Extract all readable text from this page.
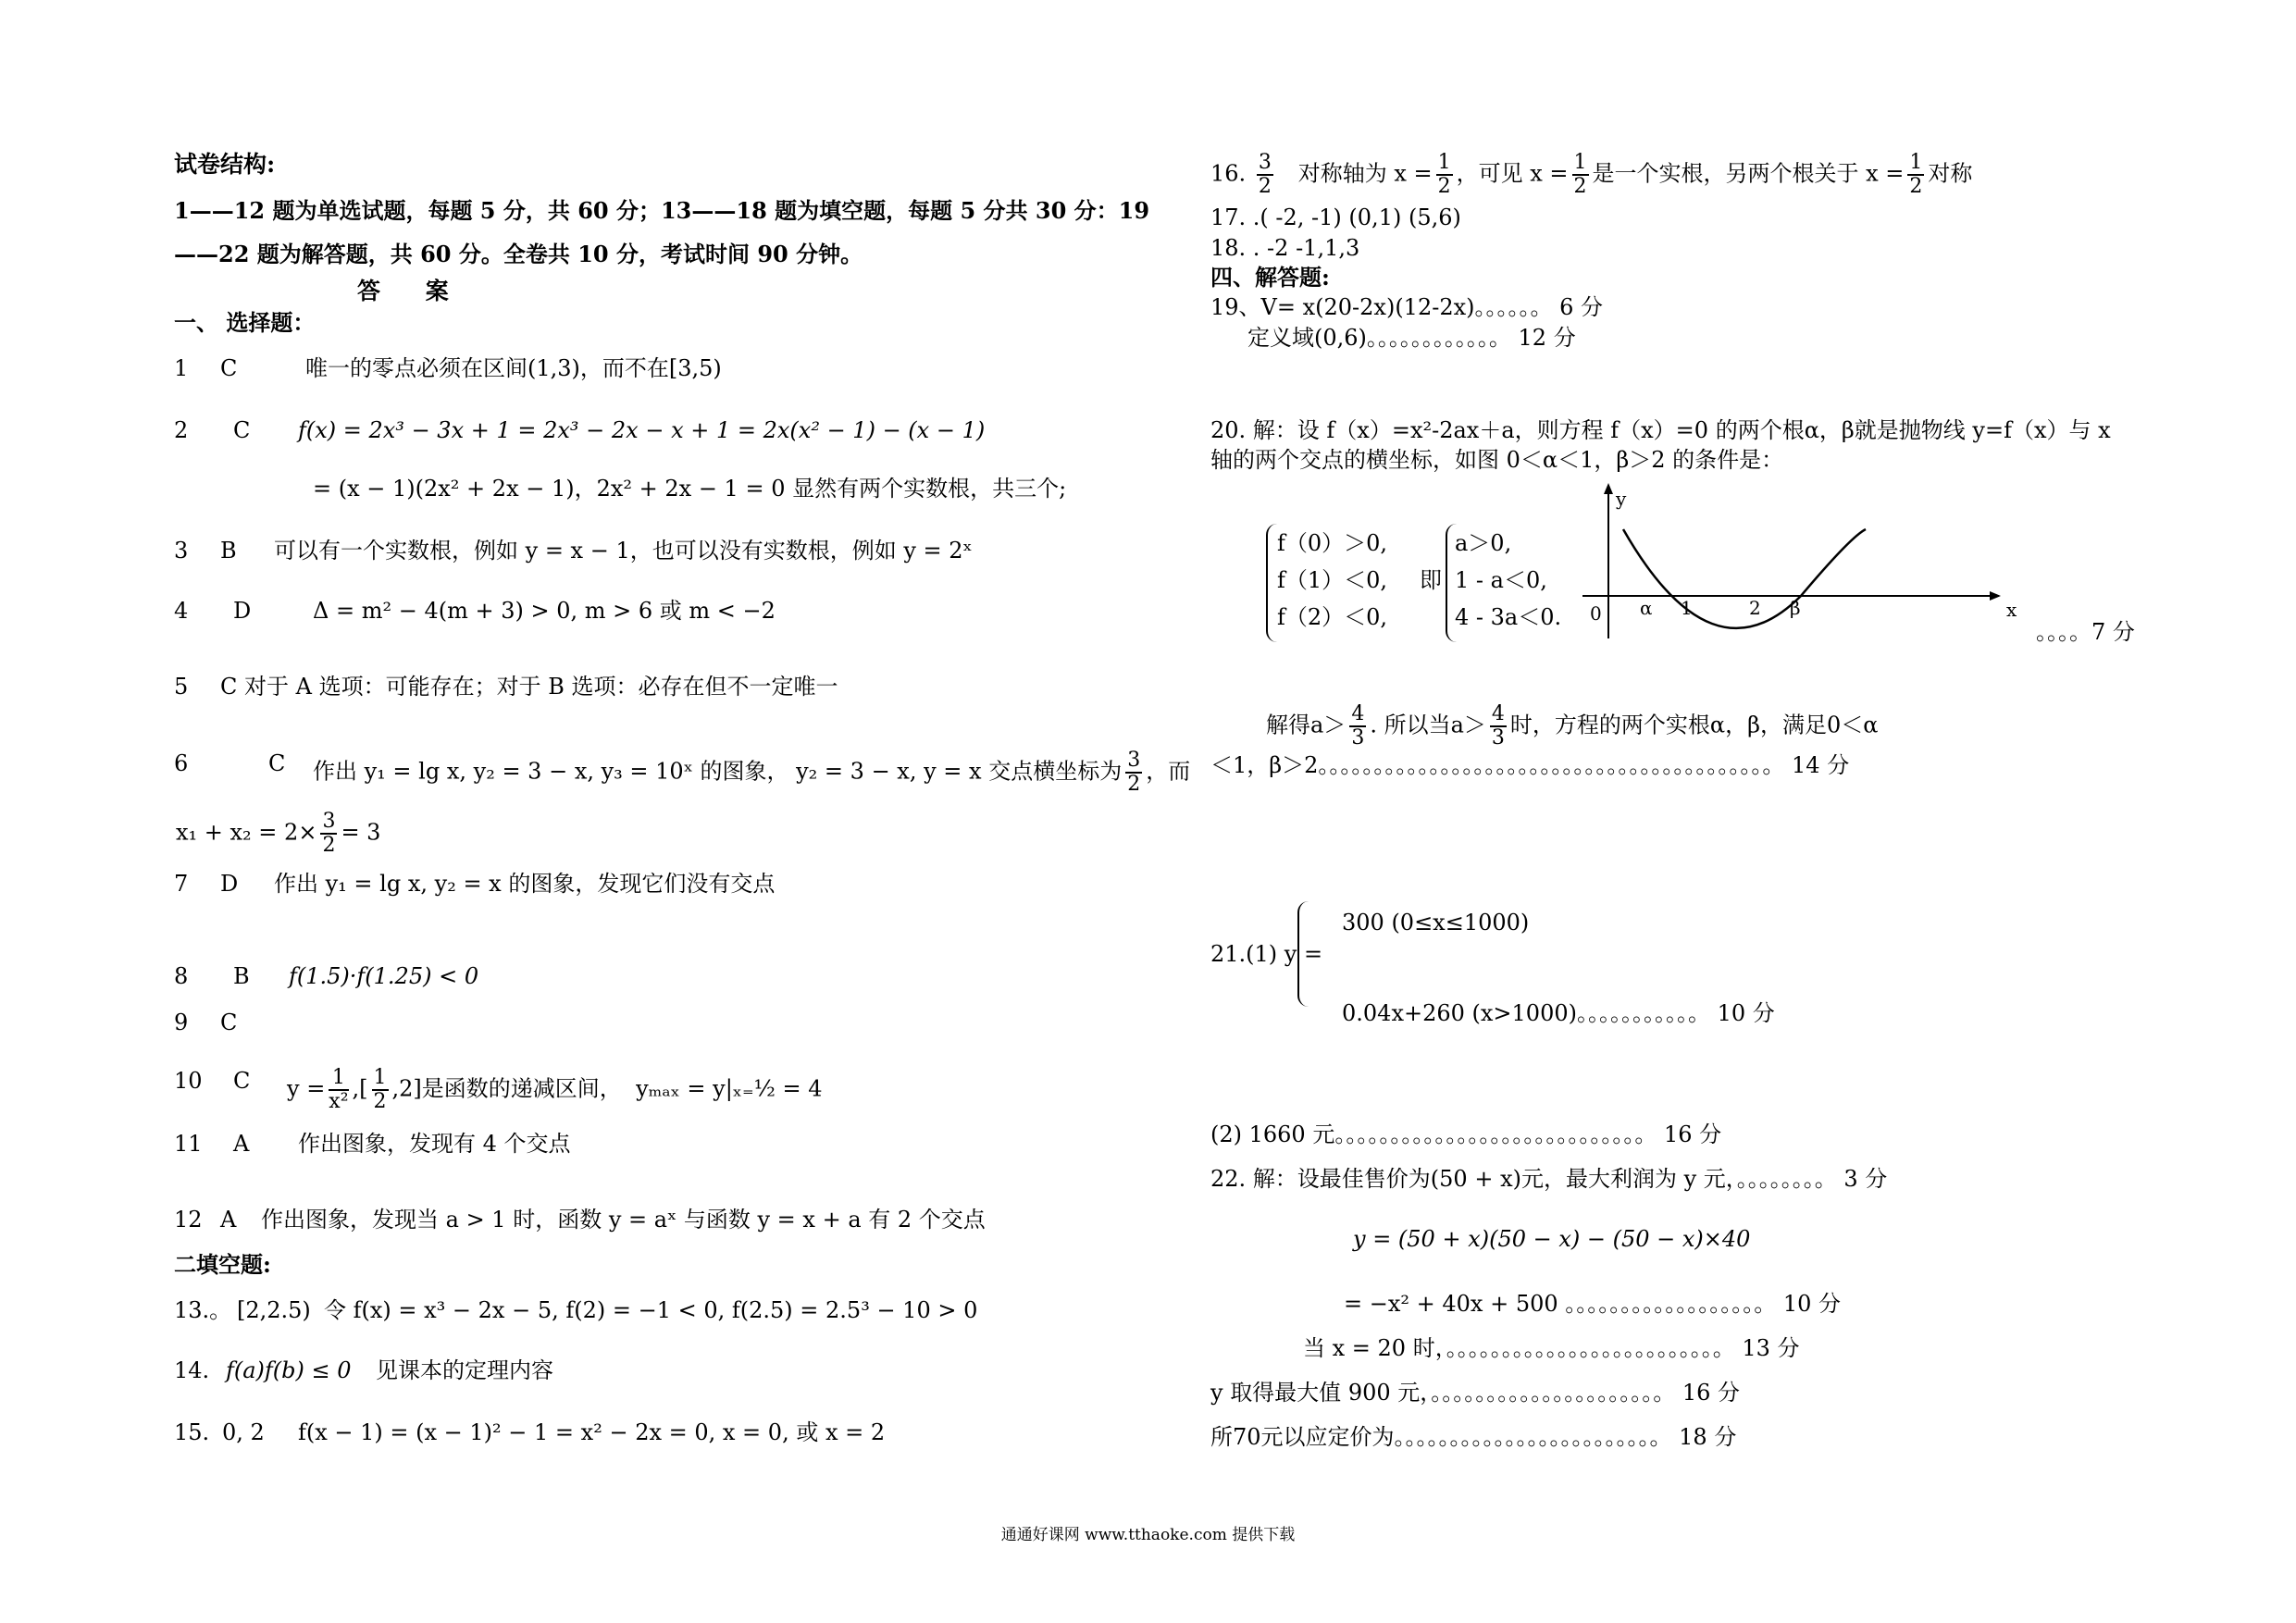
试卷结构:
1——12 题为单选试题，每题 5 分，共 60 分；13——18 题为填空题，每题 5 分共 30 分：19
——22 题为解答题，共 60 分。全卷共 10 分，考试时间 90 分钟。
答 案
一、 选择题：
1 C	唯一的零点必须在区间(1,3)，而不在[3,5)
2 C f(x) = 2x³ − 3x + 1 = 2x³ − 2x − x + 1 = 2x(x² − 1) − (x − 1)
= (x − 1)(2x² + 2x − 1)，2x² + 2x − 1 = 0 显然有两个实数根，共三个;
3 B 可以有一个实数根，例如 y = x − 1，也可以没有实数根，例如 y = 2ˣ
4 D	Δ = m² − 4(m + 3) > 0, m > 6 或 m < −2
5 C 对于 A 选项：可能存在；对于 B 选项：必存在但不一定唯一
6	C 作出 y₁ = lg x, y₂ = 3 − x, y₃ = 10ˣ 的图象， y₂ = 3 − x, y = x 交点横坐标为 $\frac{3}{2}$ ，而
$x_1 + x_2 = 2\times \frac{3}{2} = 3$
7 D 作出 y₁ = lg x, y₂ = x 的图象，发现它们没有交点
8 B f(1.5)·f(1.25) < 0
9 C
10 C $y = \frac{1}{\text{x²}}$ ,[ $\frac{1}{2} ,2$]是函数的递减区间， yₘₐₓ = y|ₓ₌½ = 4
11 A 作出图象，发现有 4 个交点
12 A 作出图象，发现当 a > 1 时，函数 y = aˣ 与函数 y = x + a 有 2 个交点
二填空题:
13.。 [2,2.5) 令 f(x) = x³ − 2x − 5, f(2) = −1 < 0, f(2.5) = 2.5³ − 10 > 0
14. f(a)f(b) ≤ 0 见课本的定理内容
15. 0, 2 f(x − 1) = (x − 1)² − 1 = x² − 2x = 0, x = 0, 或 x = 2
16. $\frac{3}{2}$ 对称轴为 $x = \frac{1}{2}$ ，可见 $x = \frac{1}{2}$ 是一个实根，另两个根关于 $x = \frac{1}{2}$ 对称
17. .( -2, -1) (0,1) (5,6)
18. . -2 -1,1,3
四、解答题:
19、V= x(20-2x)(12-2x)。。。。。。 6 分
定义域(0,6)。。。。。。。。。。。。 12 分
20. 解：设 f（x）=x²-2ax＋a，则方程 f（x）=0 的两个根α，β就是抛物线 y=f（x）与 x
轴的两个交点的横坐标，如图 0＜α＜1，β＞2 的条件是：
f（0）＞0,
f（1）＜0,
f（2）＜0,
即
a＞0,
1 - a＜0,
4 - 3a＜0.
y
x
0 α 1	2 β
。。。。7 分
解得$a> \frac{4}{3}$ . 所以当$a> \frac{4}{3}$ 时，方程的两个实根α，β，满足0＜α
＜1，β＞2。。。。。。。。。。。。。。。。。。。。。。。。。。。。。。。。。。。。。。。。。 14 分
21.(1) y =
300 (0≤x≤1000)
0.04x+260 (x>1000)。。。。。。。。。。。 10 分
(2) 1660 元。。。。。。。。。。。。。。。。。。。。。。。。。。。。 16 分
22. 解：设最佳售价为(50 + x)元，最大利润为 y 元，。。。。。。。。 3 分
y = (50 + x)(50 − x) − (50 − x)×40
= −x² + 40x + 500 。。。。。。。。。。。。。。。。。。 10 分
当 x = 20 时，。。。。。。。。。。。。。。。。。。。。。。。。。 13 分
y 取得最大值 900 元，。。。。。。。。。。。。。。。。。。。。。 16 分
所70元以应定价为。。。。。。。。。。。。。。。。。。。。。。。。 18 分
通通好课网 www.tthaoke.com 提供下载
